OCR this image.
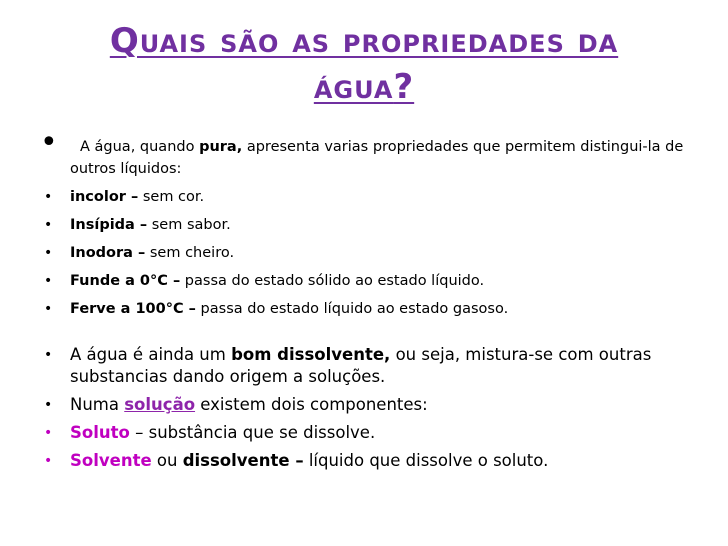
Quais são as propriedades da
água?
• A água, quando pura, apresenta varias propriedades que permitem distingui-la de outros líquidos:
• incolor – sem cor.
• Insípida – sem sabor.
• Inodora – sem cheiro.
• Funde a 0°C – passa do estado sólido ao estado líquido.
• Ferve a 100°C – passa do estado líquido ao estado gasoso.
• A água é ainda um bom dissolvente, ou seja, mistura-se com outras substancias dando origem a soluções.
• Numa solução existem dois componentes:
• Soluto – substância que se dissolve.
• Solvente ou dissolvente – líquido que dissolve o soluto.
